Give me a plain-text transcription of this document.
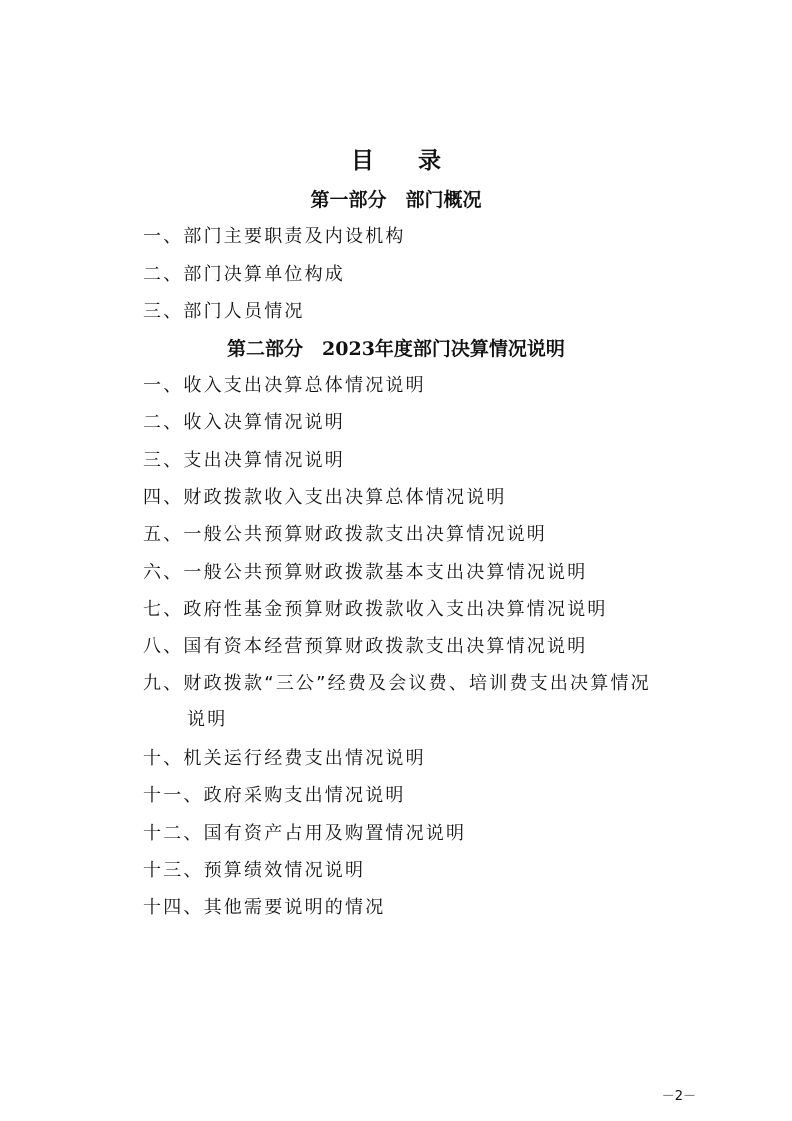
目 录
第一部分　部门概况
一、部门主要职责及内设机构
二、部门决算单位构成
三、部门人员情况
第二部分　2023年度部门决算情况说明
一、收入支出决算总体情况说明
二、收入决算情况说明
三、支出决算情况说明
四、财政拨款收入支出决算总体情况说明
五、一般公共预算财政拨款支出决算情况说明
六、一般公共预算财政拨款基本支出决算情况说明
七、政府性基金预算财政拨款收入支出决算情况说明
八、国有资本经营预算财政拨款支出决算情况说明
九、财政拨款“三公”经费及会议费、培训费支出决算情况
说明
十、机关运行经费支出情况说明
十一、政府采购支出情况说明
十二、国有资产占用及购置情况说明
十三、预算绩效情况说明
十四、其他需要说明的情况
－2－
